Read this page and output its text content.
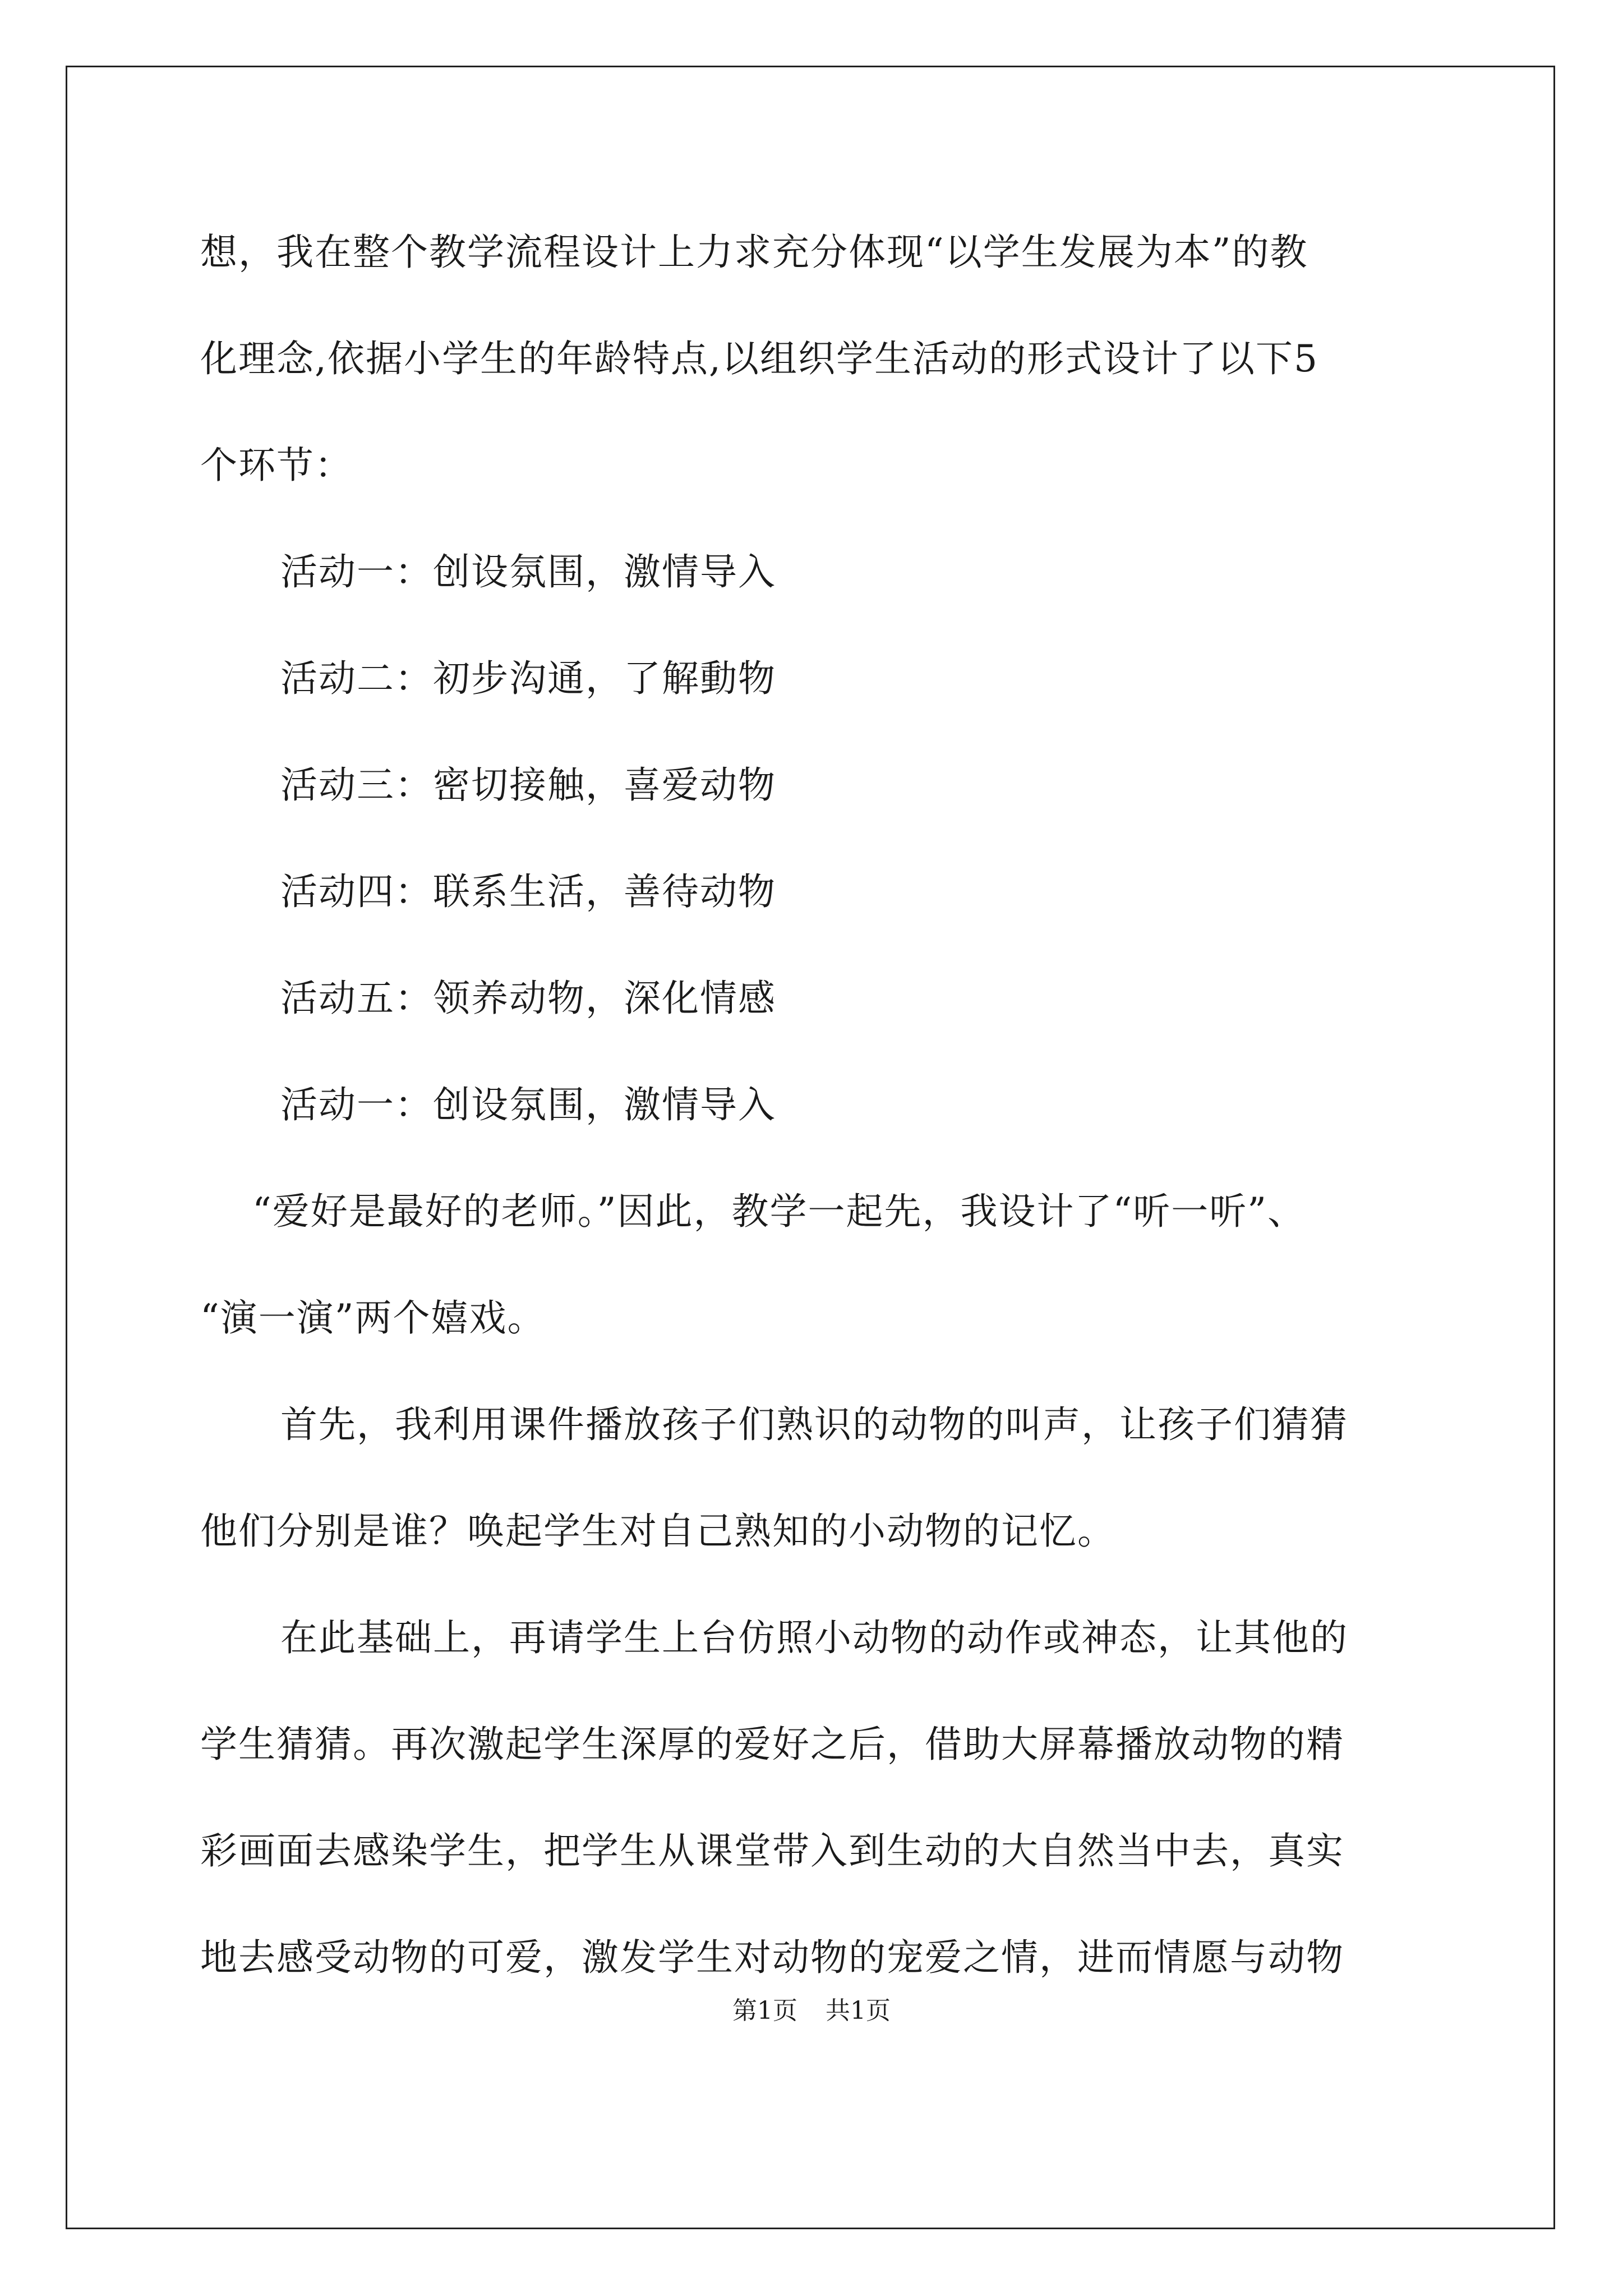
想，我在整个教学流程设计上力求充分体现“以学生发展为本”的教
化理念,依据小学生的年龄特点,以组织学生活动的形式设计了以下5
个环节：
活动一：创设氛围，激情导入
活动二：初步沟通，了解動物
活动三：密切接触，喜爱动物
活动四：联系生活，善待动物
活动五：领养动物，深化情感
活动一：创设氛围，激情导入
“爱好是最好的老师。”因此，教学一起先，我设计了“听一听”、
“演一演”两个嬉戏。
首先，我利用课件播放孩子们熟识的动物的叫声，让孩子们猜猜
他们分别是谁？唤起学生对自己熟知的小动物的记忆。
在此基础上，再请学生上台仿照小动物的动作或神态，让其他的
学生猜猜。再次激起学生深厚的爱好之后，借助大屏幕播放动物的精
彩画面去感染学生，把学生从课堂带入到生动的大自然当中去，真实
地去感受动物的可爱，激发学生对动物的宠爱之情，进而情愿与动物
第1页 共1页
